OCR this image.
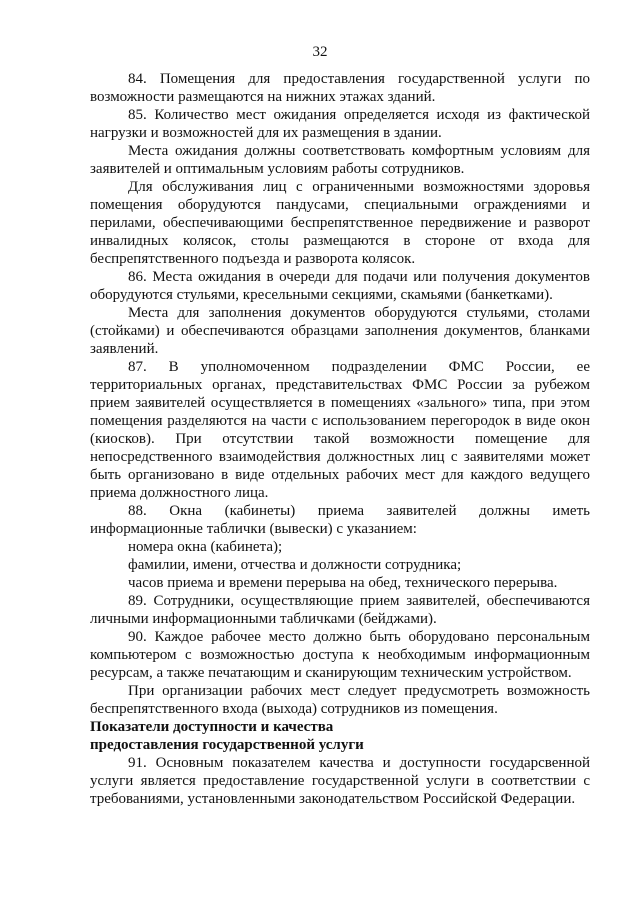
32

84. Помещения для предоставления государственной услуги по возможности размещаются на нижних этажах зданий.

85. Количество мест ожидания определяется исходя из фактической нагрузки и возможностей для их размещения в здании.

Места ожидания должны соответствовать комфортным условиям для заявителей и оптимальным условиям работы сотрудников.

Для обслуживания лиц с ограниченными возможностями здоровья помещения оборудуются пандусами, специальными ограждениями и перилами, обеспечивающими беспрепятственное передвижение и разворот инвалидных колясок, столы размещаются в стороне от входа для беспрепятственного подъезда и разворота колясок.

86. Места ожидания в очереди для подачи или получения документов оборудуются стульями, кресельными секциями, скамьями (банкетками).

Места для заполнения документов оборудуются стульями, столами (стойками) и обеспечиваются образцами заполнения документов, бланками заявлений.

87. В уполномоченном подразделении ФМС России, ее территориальных органах, представительствах ФМС России за рубежом прием заявителей осуществляется в помещениях «зального» типа, при этом помещения разделяются на части с использованием перегородок в виде окон (киосков). При отсутствии такой возможности помещение для непосредственного взаимодействия должностных лиц с заявителями может быть организовано в виде отдельных рабочих мест для каждого ведущего приема должностного лица.

88. Окна (кабинеты) приема заявителей должны иметь информационные таблички (вывески) с указанием:

номера окна (кабинета);

фамилии, имени, отчества и должности сотрудника;

часов приема и времени перерыва на обед, технического перерыва.

89. Сотрудники, осуществляющие прием заявителей, обеспечиваются личными информационными табличками (бейджами).

90. Каждое рабочее место должно быть оборудовано персональным компьютером с возможностью доступа к необходимым информационным ресурсам, а также печатающим и сканирующим техническим устройством.

При организации рабочих мест следует предусмотреть возможность беспрепятственного входа (выхода) сотрудников из помещения.

Показатели доступности и качества
предоставления государственной услуги

91. Основным показателем качества и доступности государсвенной услуги является предоставление государственной услуги в соответствии с требованиями, установленными законодательством Российской Федерации.
